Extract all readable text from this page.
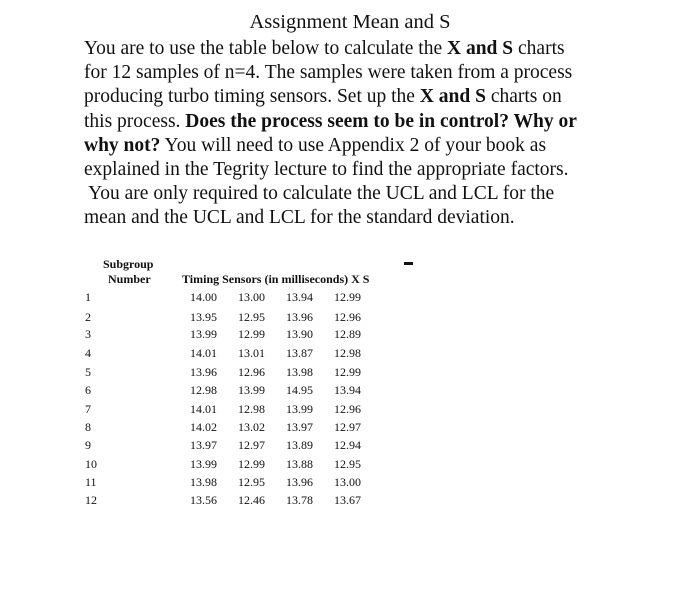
Assignment Mean and S
You are to use the table below to calculate the X and S charts
for 12 samples of n=4. The samples were taken from a process
producing turbo timing sensors. Set up the X and S charts on
this process. Does the process seem to be in control? Why or
why not? You will need to use Appendix 2 of your book as
explained in the Tegrity lecture to find the appropriate factors.
You are only required to calculate the UCL and LCL for the
mean and the UCL and LCL for the standard deviation.
Subgroup
Number	Timing Sensors (in milliseconds) X S
1	14.00 13.00 13.94 12.99
2	13.95 12.95 13.96 12.96
3	13.99 12.99 13.90 12.89
4	14.01 13.01 13.87 12.98
5	13.96 12.96 13.98 12.99
6	12.98 13.99 14.95 13.94
7	14.01 12.98 13.99 12.96
8	14.02 13.02 13.97 12.97
9	13.97 12.97 13.89 12.94
10	13.99 12.99 13.88 12.95
11	13.98 12.95 13.96 13.00
12	13.56 12.46 13.78 13.67
